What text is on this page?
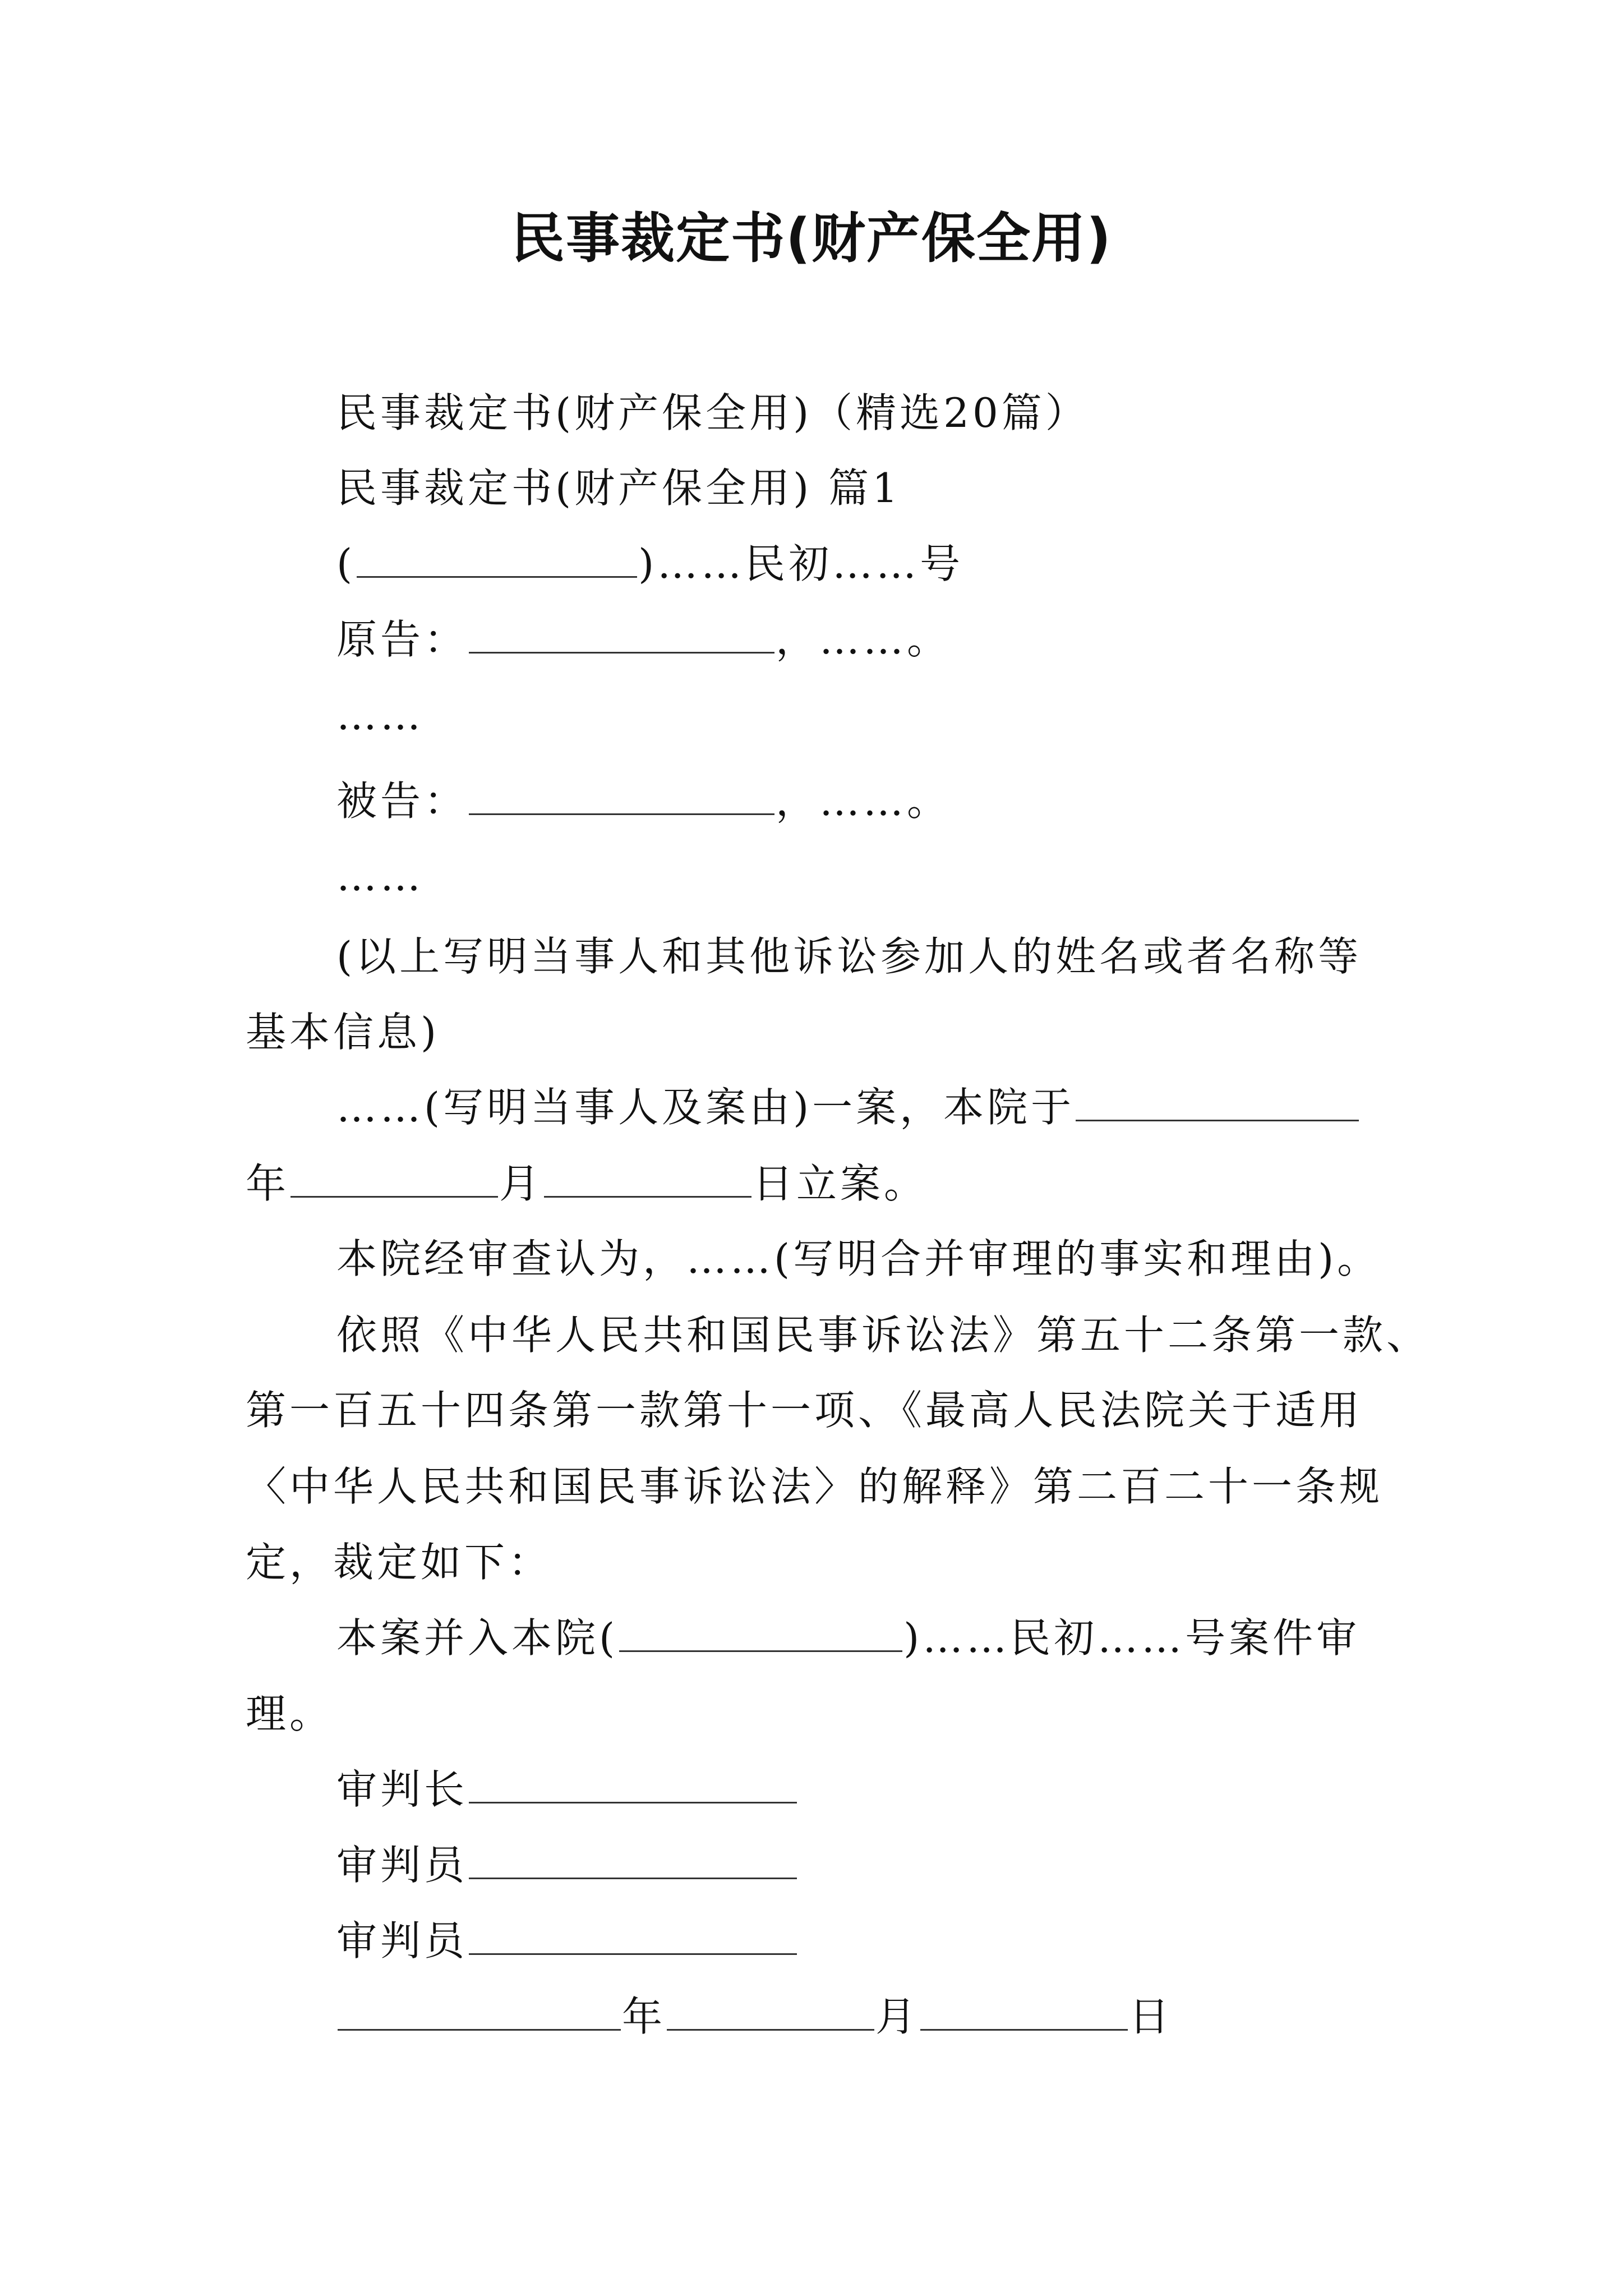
民事裁定书(财产保全用)
民事裁定书(财产保全用)（精选20篇）
民事裁定书(财产保全用) 篇1
(	)……民初……号
原告：	，……。
……
被告：	，……。
……
(以上写明当事人和其他诉讼参加人的姓名或者名称等
基本信息)
……(写明当事人及案由)一案，本院于
年	月	日立案。
本院经审查认为，……(写明合并审理的事实和理由)。
依照《中华人民共和国民事诉讼法》第五十二条第一款、
第一百五十四条第一款第十一项、《最高人民法院关于适用
〈中华人民共和国民事诉讼法〉的解释》第二百二十一条规
定，裁定如下：
本案并入本院(	)……民初……号案件审
理。
审判长
审判员
审判员
年	月	日
